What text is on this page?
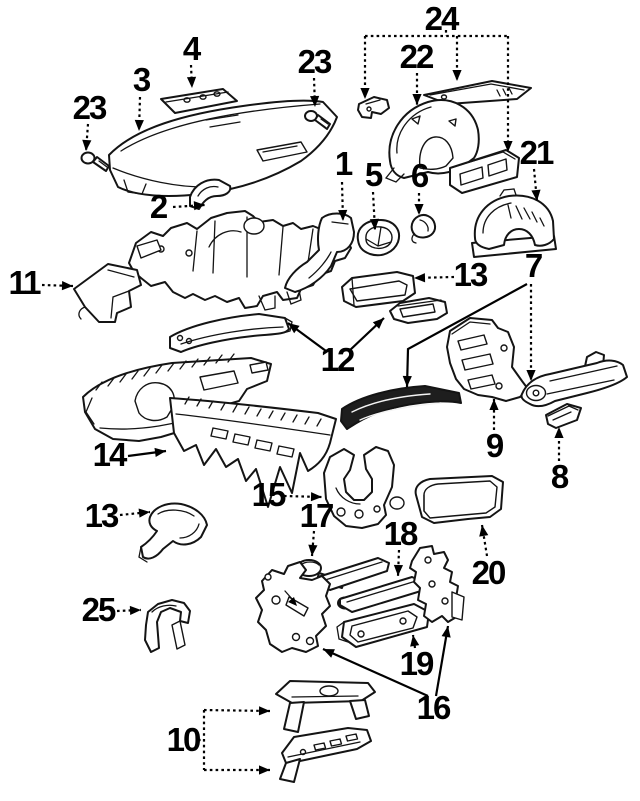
23
3
4
2
23
24
22
21
1 5 6
13 7
11
12
14	9
8
15
13	17 18
20
25
19
16
10
